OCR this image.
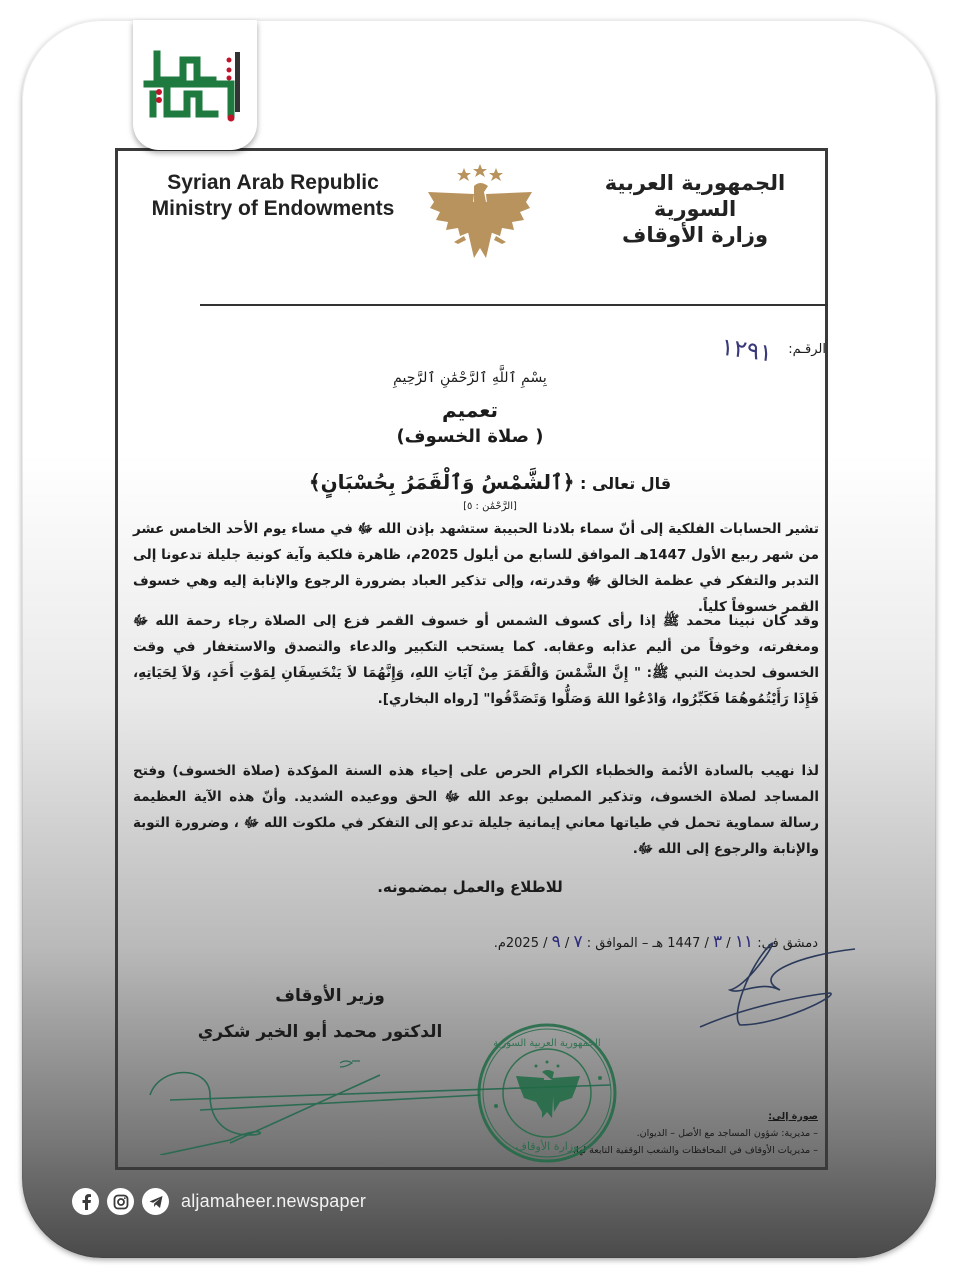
Syrian Arab Republic
Ministry of Endowments
الجمهورية العربية السورية
وزارة الأوقاف
الرقـم:
١٢٩١
بِسْمِ ٱللَّهِ ٱلرَّحْمَٰنِ ٱلرَّحِيمِ
تعميم
( صلاة الخسوف)
قال تعالى : ﴿ٱلشَّمْسُ وَٱلْقَمَرُ بِحُسْبَانٍ﴾ [الرَّحْمَٰن : ٥]
تشير الحسابات الفلكية إلى أنّ سماء بلادنا الحبيبة ستشهد بإذن الله ﷻ في مساء يوم الأحد الخامس عشر من شهر ربيع الأول 1447هـ الموافق للسابع من أيلول 2025م، ظاهرة فلكية وآية كونية جليلة تدعونا إلى التدبر والتفكر في عظمة الخالق ﷻ وقدرته، وإلى تذكير العباد بضرورة الرجوع والإنابة إليه وهي خسوف القمر خسوفاً كلياً.
وقد كان نبينا محمد ﷺ إذا رأى كسوف الشمس أو خسوف القمر فزع إلى الصلاة رجاء رحمة الله ﷻ ومغفرته، وخوفاً من أليم عذابه وعقابه. كما يستحب التكبير والدعاء والتصدق والاستغفار في وقت الخسوف لحديث النبي ﷺ: " إِنَّ الشَّمْسَ وَالْقَمَرَ مِنْ آيَاتِ اللهِ، وَإِنَّهُمَا لاَ يَنْخَسِفَانِ لِمَوْتِ أَحَدٍ، وَلاَ لِحَيَاتِهِ، فَإِذَا رَأَيْتُمُوهُمَا فَكَبِّرُوا، وَادْعُوا اللهَ وَصَلُّوا وَتَصَدَّقُوا" [رواه البخاري].
لذا نهيب بالسادة الأئمة والخطباء الكرام الحرص على إحياء هذه السنة المؤكدة (صلاة الخسوف) وفتح المساجد لصلاة الخسوف، وتذكير المصلين بوعد الله ﷻ الحق ووعيده الشديد. وأنّ هذه الآية العظيمة رسالة سماوية تحمل في طياتها معاني إيمانية جليلة تدعو إلى التفكر في ملكوت الله ﷻ ، وضرورة التوبة والإنابة والرجوع إلى الله ﷻ.
للاطلاع والعمل بمضمونه.
دمشق في: ١١ / ٣ / 1447 هـ – الموافق : ٧ / ٩ / 2025م.
وزير الأوقاف
الدكتور محمد أبو الخير شكري
الجمهورية العربية السورية
وزارة الأوقاف
صورة إلى:
– مديرية: شؤون المساجد مع الأصل – الديوان.
– مديريات الأوقاف في المحافظات والشعب الوقفية التابعة لها.
aljamaheer.newspaper
